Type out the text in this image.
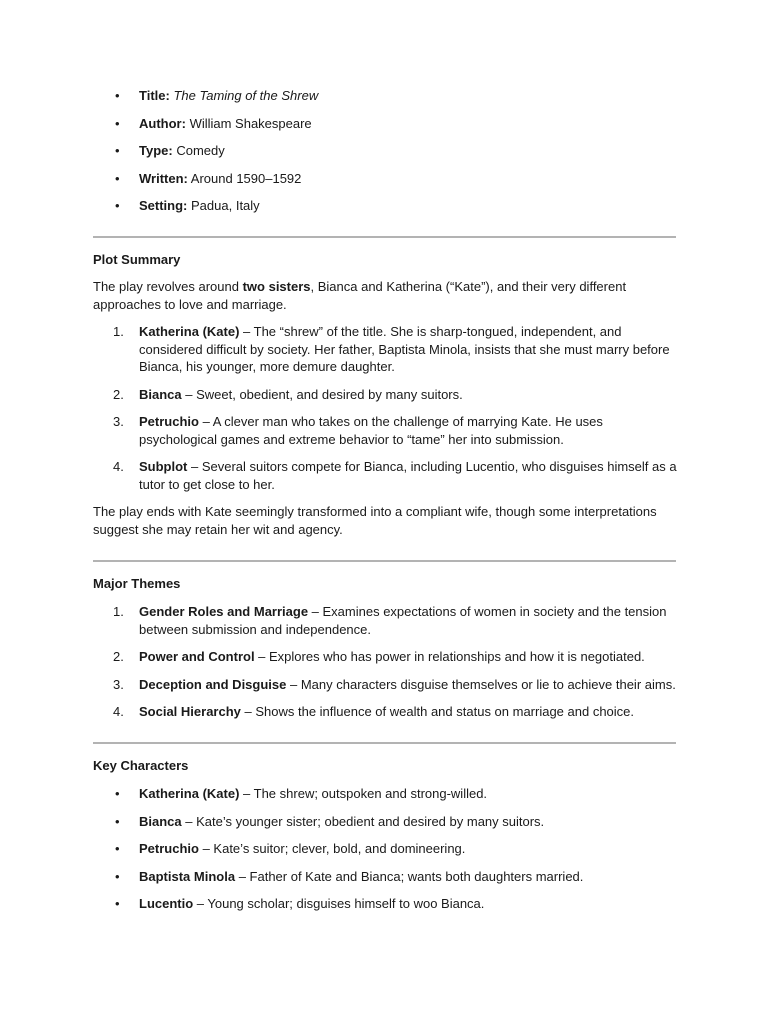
• Title: The Taming of the Shrew
• Author: William Shakespeare
• Type: Comedy
• Written: Around 1590–1592
• Setting: Padua, Italy
Plot Summary

The play revolves around two sisters, Bianca and Katherina (“Kate”), and their very different approaches to love and marriage.

1. Katherina (Kate) – The “shrew” of the title. She is sharp-tongued, independent, and considered difficult by society. Her father, Baptista Minola, insists that she must marry before Bianca, his younger, more demure daughter.
2. Bianca – Sweet, obedient, and desired by many suitors.
3. Petruchio – A clever man who takes on the challenge of marrying Kate. He uses psychological games and extreme behavior to “tame” her into submission.
4. Subplot – Several suitors compete for Bianca, including Lucentio, who disguises himself as a tutor to get close to her.

The play ends with Kate seemingly transformed into a compliant wife, though some interpretations suggest she may retain her wit and agency.

Major Themes
1. Gender Roles and Marriage – Examines expectations of women in society and the tension between submission and independence.
2. Power and Control – Explores who has power in relationships and how it is negotiated.
3. Deception and Disguise – Many characters disguise themselves or lie to achieve their aims.
4. Social Hierarchy – Shows the influence of wealth and status on marriage and choice.
Key Characters
• Katherina (Kate) – The shrew; outspoken and strong-willed.
• Bianca – Kate’s younger sister; obedient and desired by many suitors.
• Petruchio – Kate’s suitor; clever, bold, and domineering.
• Baptista Minola – Father of Kate and Bianca; wants both daughters married.
• Lucentio – Young scholar; disguises himself to woo Bianca.
